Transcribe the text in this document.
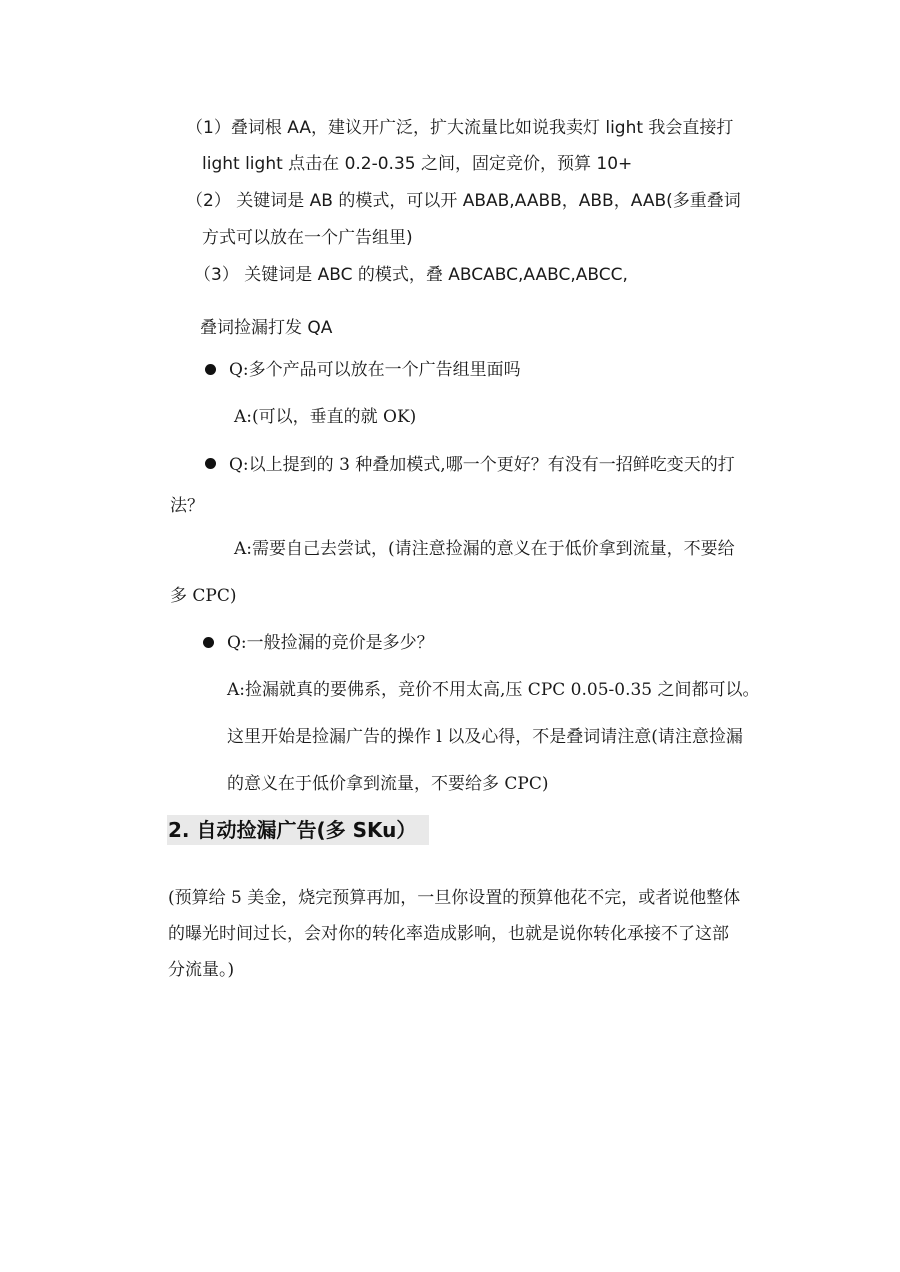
（1）叠词根 AA，建议开广泛，扩大流量比如说我卖灯 light 我会直接打
light light 点击在 0.2-0.35 之间，固定竞价，预算 10+
（2） 关键词是 AB 的模式，可以开 ABAB,AABB，ABB，AAB(多重叠词
方式可以放在一个广告组里)
（3） 关键词是 ABC 的模式，叠 ABCABC,AABC,ABCC,
叠词捡漏打发 QA
Q:多个产品可以放在一个广告组里面吗
A:(可以，垂直的就 OK)
Q:以上提到的 3 种叠加模式,哪一个更好？有没有一招鲜吃变天的打
法？
A:需要自己去尝试，(请注意捡漏的意义在于低价拿到流量，不要给
多 CPC)
Q:一般捡漏的竞价是多少？
A:捡漏就真的要佛系，竞价不用太高,压 CPC 0.05-0.35 之间都可以。
这里开始是捡漏广告的操作 l 以及心得，不是叠词请注意(请注意捡漏
的意义在于低价拿到流量，不要给多 CPC)
2. 自动捡漏广告(多 SKu）
(预算给 5 美金，烧完预算再加，一旦你设置的预算他花不完，或者说他整体
的曝光时间过长，会对你的转化率造成影响，也就是说你转化承接不了这部
分流量。)
